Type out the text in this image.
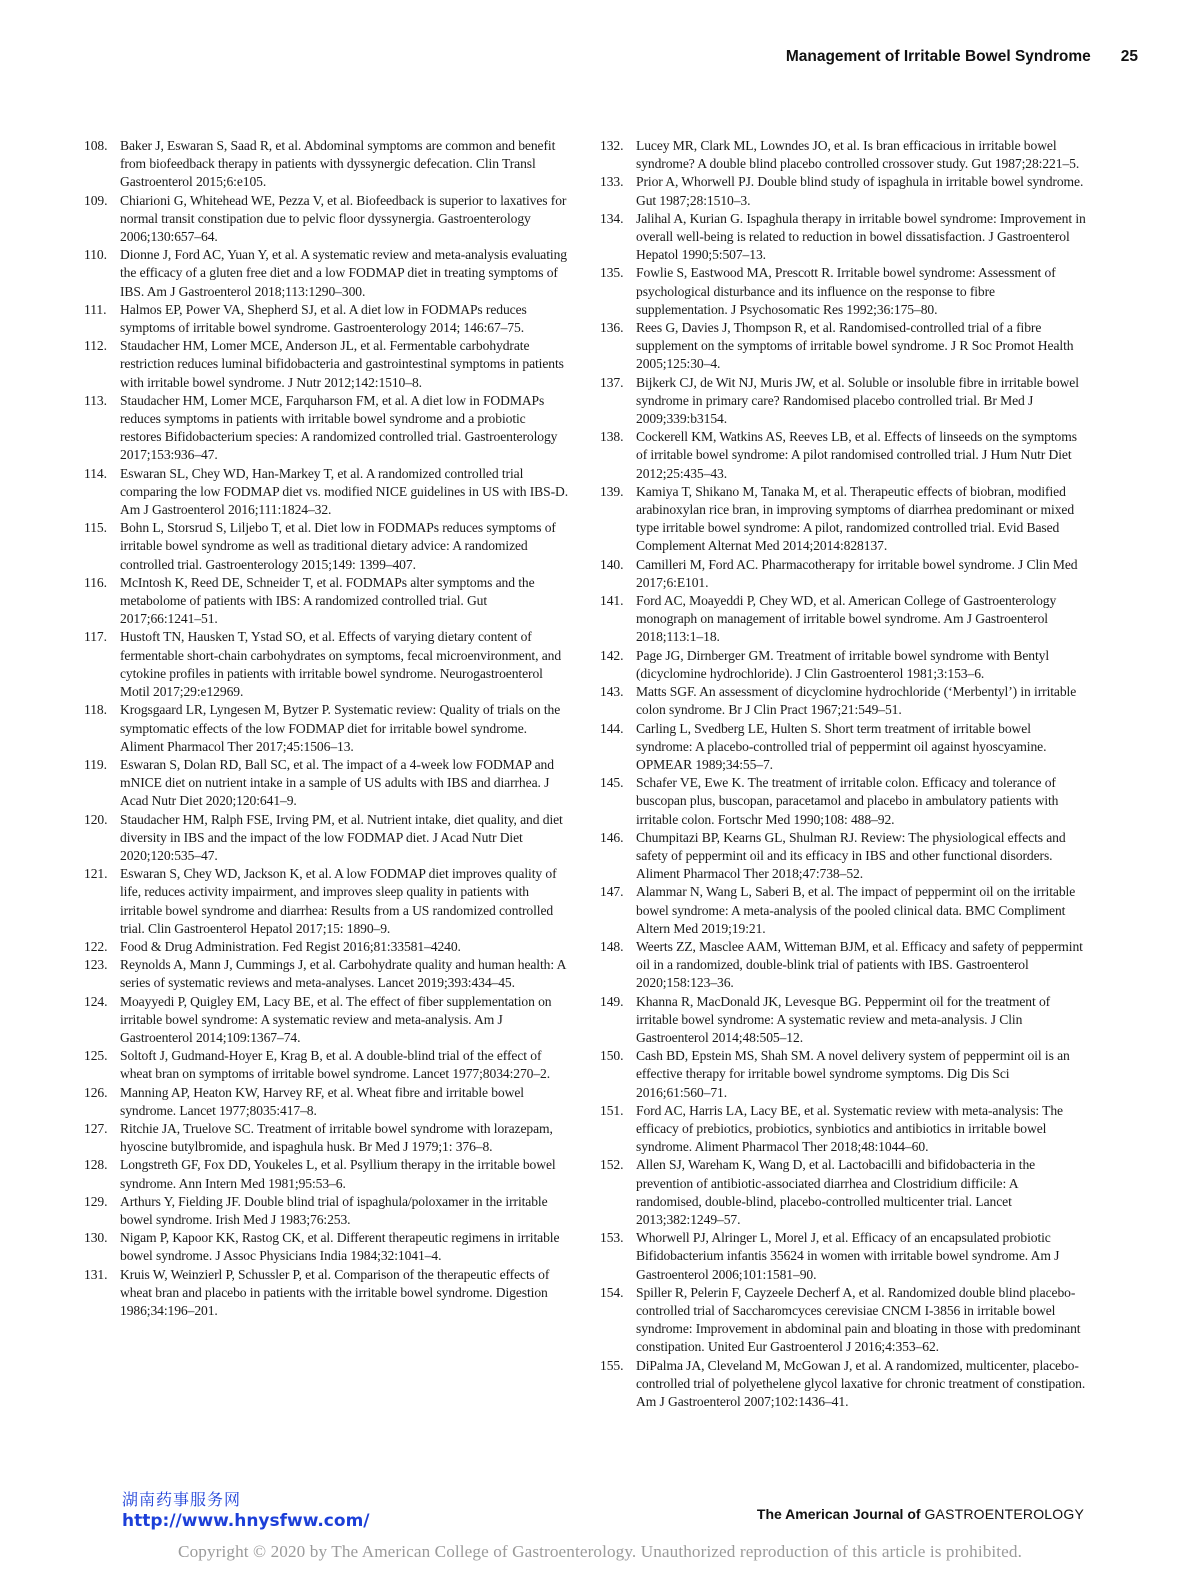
Management of Irritable Bowel Syndrome 25
108. Baker J, Eswaran S, Saad R, et al. Abdominal symptoms are common and benefit from biofeedback therapy in patients with dyssynergic defecation. Clin Transl Gastroenterol 2015;6:e105.
109. Chiarioni G, Whitehead WE, Pezza V, et al. Biofeedback is superior to laxatives for normal transit constipation due to pelvic floor dyssynergia. Gastroenterology 2006;130:657–64.
110. Dionne J, Ford AC, Yuan Y, et al. A systematic review and meta-analysis evaluating the efficacy of a gluten free diet and a low FODMAP diet in treating symptoms of IBS. Am J Gastroenterol 2018;113:1290–300.
111.	Halmos EP, Power VA, Shepherd SJ, et al. A diet low in FODMAPs reduces symptoms of irritable bowel syndrome. Gastroenterology 2014; 146:67–75.
112. Staudacher HM, Lomer MCE, Anderson JL, et al. Fermentable carbohydrate restriction reduces luminal bifidobacteria and gastrointestinal symptoms in patients with irritable bowel syndrome. J Nutr 2012;142:1510–8.
113. Staudacher HM, Lomer MCE, Farquharson FM, et al. A diet low in FODMAPs reduces symptoms in patients with irritable bowel syndrome and a probiotic restores Bifidobacterium species: A randomized controlled trial. Gastroenterology 2017;153:936–47.
114. Eswaran SL, Chey WD, Han-Markey T, et al. A randomized controlled trial comparing the low FODMAP diet vs. modified NICE guidelines in US with IBS-D. Am J Gastroenterol 2016;111:1824–32.
115. Bohn L, Storsrud S, Liljebo T, et al. Diet low in FODMAPs reduces symptoms of irritable bowel syndrome as well as traditional dietary advice: A randomized controlled trial. Gastroenterology 2015;149: 1399–407.
116. McIntosh K, Reed DE, Schneider T, et al. FODMAPs alter symptoms and the metabolome of patients with IBS: A randomized controlled trial. Gut 2017;66:1241–51.
117. Hustoft TN, Hausken T, Ystad SO, et al. Effects of varying dietary content of fermentable short-chain carbohydrates on symptoms, fecal microenvironment, and cytokine profiles in patients with irritable bowel syndrome. Neurogastroenterol Motil 2017;29:e12969.
118. Krogsgaard LR, Lyngesen M, Bytzer P. Systematic review: Quality of trials on the symptomatic effects of the low FODMAP diet for irritable bowel syndrome. Aliment Pharmacol Ther 2017;45:1506–13.
119. Eswaran S, Dolan RD, Ball SC, et al. The impact of a 4-week low FODMAP and mNICE diet on nutrient intake in a sample of US adults with IBS and diarrhea. J Acad Nutr Diet 2020;120:641–9.
120. Staudacher HM, Ralph FSE, Irving PM, et al. Nutrient intake, diet quality, and diet diversity in IBS and the impact of the low FODMAP diet. J Acad Nutr Diet 2020;120:535–47.
121. Eswaran S, Chey WD, Jackson K, et al. A low FODMAP diet improves quality of life, reduces activity impairment, and improves sleep quality in patients with irritable bowel syndrome and diarrhea: Results from a US randomized controlled trial. Clin Gastroenterol Hepatol 2017;15: 1890–9.
122. Food & Drug Administration. Fed Regist 2016;81:33581–4240.
123. Reynolds A, Mann J, Cummings J, et al. Carbohydrate quality and human health: A series of systematic reviews and meta-analyses. Lancet 2019;393:434–45.
124. Moayyedi P, Quigley EM, Lacy BE, et al. The effect of fiber supplementation on irritable bowel syndrome: A systematic review and meta-analysis. Am J Gastroenterol 2014;109:1367–74.
125. Soltoft J, Gudmand-Hoyer E, Krag B, et al. A double-blind trial of the effect of wheat bran on symptoms of irritable bowel syndrome. Lancet 1977;8034:270–2.
126. Manning AP, Heaton KW, Harvey RF, et al. Wheat fibre and irritable bowel syndrome. Lancet 1977;8035:417–8.
127. Ritchie JA, Truelove SC. Treatment of irritable bowel syndrome with lorazepam, hyoscine butylbromide, and ispaghula husk. Br Med J 1979;1: 376–8.
128. Longstreth GF, Fox DD, Youkeles L, et al. Psyllium therapy in the irritable bowel syndrome. Ann Intern Med 1981;95:53–6.
129. Arthurs Y, Fielding JF. Double blind trial of ispaghula/poloxamer in the irritable bowel syndrome. Irish Med J 1983;76:253.
130. Nigam P, Kapoor KK, Rastog CK, et al. Different therapeutic regimens in irritable bowel syndrome. J Assoc Physicians India 1984;32:1041–4.
131. Kruis W, Weinzierl P, Schussler P, et al. Comparison of the therapeutic effects of wheat bran and placebo in patients with the irritable bowel syndrome. Digestion 1986;34:196–201.
132. Lucey MR, Clark ML, Lowndes JO, et al. Is bran efficacious in irritable bowel syndrome? A double blind placebo controlled crossover study. Gut 1987;28:221–5.
133. Prior A, Whorwell PJ. Double blind study of ispaghula in irritable bowel syndrome. Gut 1987;28:1510–3.
134. Jalihal A, Kurian G. Ispaghula therapy in irritable bowel syndrome: Improvement in overall well-being is related to reduction in bowel dissatisfaction. J Gastroenterol Hepatol 1990;5:507–13.
135. Fowlie S, Eastwood MA, Prescott R. Irritable bowel syndrome: Assessment of psychological disturbance and its influence on the response to fibre supplementation. J Psychosomatic Res 1992;36:175–80.
136. Rees G, Davies J, Thompson R, et al. Randomised-controlled trial of a fibre supplement on the symptoms of irritable bowel syndrome. J R Soc Promot Health 2005;125:30–4.
137. Bijkerk CJ, de Wit NJ, Muris JW, et al. Soluble or insoluble fibre in irritable bowel syndrome in primary care? Randomised placebo controlled trial. Br Med J 2009;339:b3154.
138. Cockerell KM, Watkins AS, Reeves LB, et al. Effects of linseeds on the symptoms of irritable bowel syndrome: A pilot randomised controlled trial. J Hum Nutr Diet 2012;25:435–43.
139. Kamiya T, Shikano M, Tanaka M, et al. Therapeutic effects of biobran, modified arabinoxylan rice bran, in improving symptoms of diarrhea predominant or mixed type irritable bowel syndrome: A pilot, randomized controlled trial. Evid Based Complement Alternat Med 2014;2014:828137.
140. Camilleri M, Ford AC. Pharmacotherapy for irritable bowel syndrome. J Clin Med 2017;6:E101.
141. Ford AC, Moayeddi P, Chey WD, et al. American College of Gastroenterology monograph on management of irritable bowel syndrome. Am J Gastroenterol 2018;113:1–18.
142. Page JG, Dirnberger GM. Treatment of irritable bowel syndrome with Bentyl (dicyclomine hydrochloride). J Clin Gastroenterol 1981;3:153–6.
143. Matts SGF. An assessment of dicyclomine hydrochloride (‘Merbentyl’) in irritable colon syndrome. Br J Clin Pract 1967;21:549–51.
144. Carling L, Svedberg LE, Hulten S. Short term treatment of irritable bowel syndrome: A placebo-controlled trial of peppermint oil against hyoscyamine. OPMEAR 1989;34:55–7.
145. Schafer VE, Ewe K. The treatment of irritable colon. Efficacy and tolerance of buscopan plus, buscopan, paracetamol and placebo in ambulatory patients with irritable colon. Fortschr Med 1990;108: 488–92.
146. Chumpitazi BP, Kearns GL, Shulman RJ. Review: The physiological effects and safety of peppermint oil and its efficacy in IBS and other functional disorders. Aliment Pharmacol Ther 2018;47:738–52.
147. Alammar N, Wang L, Saberi B, et al. The impact of peppermint oil on the irritable bowel syndrome: A meta-analysis of the pooled clinical data. BMC Compliment Altern Med 2019;19:21.
148. Weerts ZZ, Masclee AAM, Witteman BJM, et al. Efficacy and safety of peppermint oil in a randomized, double-blink trial of patients with IBS. Gastroenterol 2020;158:123–36.
149. Khanna R, MacDonald JK, Levesque BG. Peppermint oil for the treatment of irritable bowel syndrome: A systematic review and meta-analysis. J Clin Gastroenterol 2014;48:505–12.
150. Cash BD, Epstein MS, Shah SM. A novel delivery system of peppermint oil is an effective therapy for irritable bowel syndrome symptoms. Dig Dis Sci 2016;61:560–71.
151. Ford AC, Harris LA, Lacy BE, et al. Systematic review with meta-analysis: The efficacy of prebiotics, probiotics, synbiotics and antibiotics in irritable bowel syndrome. Aliment Pharmacol Ther 2018;48:1044–60.
152. Allen SJ, Wareham K, Wang D, et al. Lactobacilli and bifidobacteria in the prevention of antibiotic-associated diarrhea and Clostridium difficile: A randomised, double-blind, placebo-controlled multicenter trial. Lancet 2013;382:1249–57.
153. Whorwell PJ, Alringer L, Morel J, et al. Efficacy of an encapsulated probiotic Bifidobacterium infantis 35624 in women with irritable bowel syndrome. Am J Gastroenterol 2006;101:1581–90.
154. Spiller R, Pelerin F, Cayzeele Decherf A, et al. Randomized double blind placebo-controlled trial of Saccharomcyces cerevisiae CNCM I-3856 in irritable bowel syndrome: Improvement in abdominal pain and bloating in those with predominant constipation. United Eur Gastroenterol J 2016;4:353–62.
155. DiPalma JA, Cleveland M, McGowan J, et al. A randomized, multicenter, placebo-controlled trial of polyethelene glycol laxative for chronic treatment of constipation. Am J Gastroenterol 2007;102:1436–41.
湖南药事服务网
http://www.hnysfww.com/	The American Journal of GASTROENTEROLOGY
Copyright © 2020 by The American College of Gastroenterology. Unauthorized reproduction of this article is prohibited.
